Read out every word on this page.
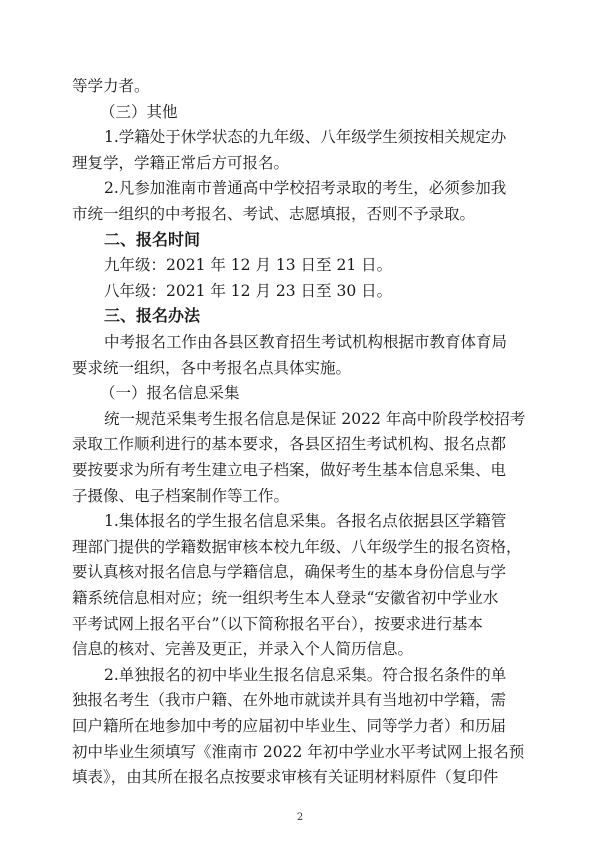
等学力者。
（三）其他
1.学籍处于休学状态的九年级、八年级学生须按相关规定办
理复学，学籍正常后方可报名。
2.凡参加淮南市普通高中学校招考录取的考生，必须参加我
市统一组织的中考报名、考试、志愿填报，否则不予录取。
二、报名时间
九年级：2021 年 12 月 13 日至 21 日。
八年级：2021 年 12 月 23 日至 30 日。
三、报名办法
中考报名工作由各县区教育招生考试机构根据市教育体育局
要求统一组织，各中考报名点具体实施。
（一）报名信息采集
统一规范采集考生报名信息是保证 2022 年高中阶段学校招考
录取工作顺利进行的基本要求，各县区招生考试机构、报名点都
要按要求为所有考生建立电子档案，做好考生基本信息采集、电
子摄像、电子档案制作等工作。
1.集体报名的学生报名信息采集。各报名点依据县区学籍管
理部门提供的学籍数据审核本校九年级、八年级学生的报名资格，
要认真核对报名信息与学籍信息，确保考生的基本身份信息与学
籍系统信息相对应；统一组织考生本人登录“安徽省初中学业水
平考试网上报名平台”（以下简称报名平台），按要求进行基本
信息的核对、完善及更正，并录入个人简历信息。
2.单独报名的初中毕业生报名信息采集。符合报名条件的单
独报名考生（我市户籍、在外地市就读并具有当地初中学籍，需
回户籍所在地参加中考的应届初中毕业生、同等学力者）和历届
初中毕业生须填写《淮南市 2022 年初中学业水平考试网上报名预
填表》，由其所在报名点按要求审核有关证明材料原件（复印件
2
